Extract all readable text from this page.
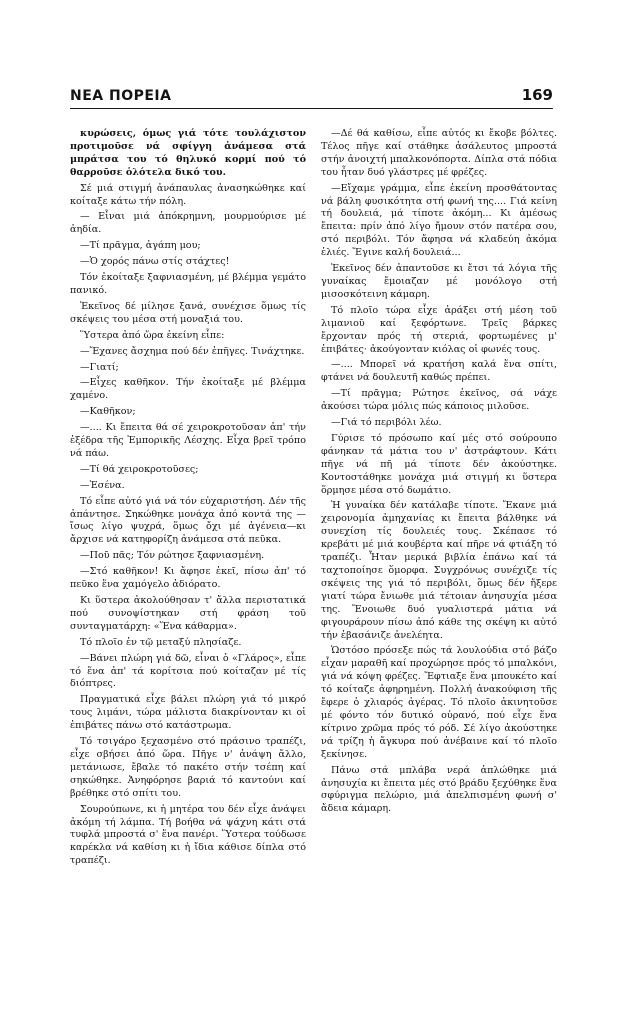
ΝΕΑ ΠΟΡΕΙΑ	169

κυρώσεις, όμως γιά τότε τουλάχιστον προτιμοῦσε νά σφίγγη ἀνάμεσα στά μπράτσα του τό θηλυκό κορμί πού τό θαρροῦσε ὁλότελα δικό του.

Σέ μιά στιγμή ἀνάπαυλας ἀνασηκώθηκε καί κοίταξε κάτω τήν πόλη.

— Εἶναι μιά ἀπόκρημνη, μουρμούρισε μέ ἀηδία.

—Τί πρᾶγμα, ἀγάπη μου;

—Ὁ χορός πάνω στίς στάχτες!

Τόν ἐκοίταξε ξαφνιασμένη, μέ βλέμμα γεμάτο πανικό.

Ἐκεῖνος δέ μίλησε ξανά, συνέχισε ὅμως τίς σκέψεις του μέσα στή μοναξιά του.

Ὕστερα ἀπό ὥρα ἐκείνη εἶπε:

—Ἔχανες ἄσχημα πού δέν ἐπῆγες. Τινάχτηκε.

—Γιατί;

—Εἶχες καθῆκον. Τήν ἐκοίταξε μέ βλέμμα χαμένο.

—Καθῆκον;

—.... Κι ἔπειτα θά σέ χειροκροτοῦσαν ἀπ' τήν ἐξέδρα τῆς Ἐμπορικῆς Λέσχης. Εἶχα βρεῖ τρόπο νά πάω.

—Τί θά χειροκροτοῦσες;

—Ἐσένα.

Τό εἶπε αὐτό γιά νά τόν εὐχαριστήση. Δέν τῆς ἀπάντησε. Σηκώθηκε μονάχα ἀπό κοντά της —ἴσως λίγο ψυχρά, ὅμως ὄχι μέ ἀγένεια—κι ἄρχισε νά κατηφορίζη ἀνάμεσα στά πεῦκα.

—Ποῦ πᾶς; Τόν ρώτησε ξαφνιασμένη.

—Στό καθῆκον! Κι ἄφησε ἐκεῖ, πίσω ἀπ' τό πεῦκο ἕνα χαμόγελο ἀδιόρατο.

Κι ὕστερα ἀκολούθησαν τ' ἄλλα περιστατικά πού συνοψίστηκαν στή φράση τοῦ συνταγματάρχη: «Ἕνα κάθαρμα».

Τό πλοῖο ἐν τῷ μεταξύ πλησίαζε.

—Βάνει πλώρη γιά δῶ, εἶναι ὁ «Γλάρος», εἶπε τό ἕνα ἀπ' τά κορίτσια πού κοίταζαν μέ τίς διόπτρες.

Πραγματικά εἶχε βάλει πλώρη γιά τό μικρό τους λιμάνι, τώρα μάλιστα διακρίνονταν κι οἱ ἐπιβάτες πάνω στό κατάστρωμα.

Τό τσιγάρο ξεχασμένο στό πράσινο τραπέζι, εἶχε σβήσει ἀπό ὥρα. Πῆγε ν' ἀνάψη ἄλλο, μετάνιωσε, ἔβαλε τό πακέτο στήν τσέπη καί σηκώθηκε. Ἀνηφόρησε βαριά τό καντούνι καί βρέθηκε στό σπίτι του.

Σουρούπωνε, κι ἡ μητέρα του δέν εἶχε ἀνάψει ἀκόμη τή λάμπα. Τή βοήθα νά ψάχνη κάτι στά τυφλά μπροστά σ' ἕνα πανέρι. Ὕστερα τούδωσε καρέκλα νά καθίση κι ἡ ἴδια κάθισε δίπλα στό τραπέζι.

—Δέ θά καθίσω, εἶπε αὐτός κι ἔκοβε βόλτες. Τέλος πῆγε καί στάθηκε ἀσάλευτος μπροστά στήν ἀνοιχτή μπαλκονόπορτα. Δίπλα στά πόδια του ἦταν δυό γλάστρες μέ φρέζες.

—Εἴχαμε γράμμα, εἶπε ἐκείνη προσθάτοντας νά βάλη φυσικότητα στή φωνή της.... Γιά κείνη τή δουλειά, μά τίποτε ἀκόμη... Κι ἀμέσως ἔπειτα: πρίν ἀπό λίγο ἤμουν στόν πατέρα σου, στό περιβόλι. Τόν ἄφησα νά κλαδεύη ἀκόμα ἐλιές. Ἔγινε καλή δουλειά...

Ἐκεῖνος δέν ἀπαντοῦσε κι ἔτσι τά λόγια τῆς γυναίκας ἔμοιαζαν μέ μονόλογο στή μισοσκότεινη κάμαρη.

Τό πλοῖο τώρα εἶχε ἀράξει στή μέση τοῦ λιμανιοῦ καί ξεφόρτωνε. Τρεῖς βάρκες ἔρχονταν πρός τή στεριά, φορτωμένες μ' ἐπιβάτες· ἀκούγονταν κιόλας οἱ φωνές τους.

—.... Μπορεῖ νά κρατήση καλά ἕνα σπίτι, φτάνει νά δουλευτῆ καθώς πρέπει.

—Τί πρᾶγμα; Ρώτησε ἐκεῖνος, σά νάχε ἀκούσει τώρα μόλις πώς κάποιος μιλοῦσε.

—Γιά τό περιβόλι λέω.

Γύρισε τό πρόσωπο καί μές στό σούρουπο φάνηκαν τά μάτια του ν' ἀστράφτουν. Κάτι πῆγε νά πῆ μά τίποτε δέν ἀκούστηκε. Κοντοστάθηκε μονάχα μιά στιγμή κι ὕστερα ὅρμησε μέσα στό δωμάτιο.

Ἡ γυναίκα δέν κατάλαβε τίποτε. Ἔκανε μιά χειρονομία ἀμηχανίας κι ἔπειτα βάλθηκε νά συνεχίση τίς δουλειές τους. Σκέπασε τό κρεβάτι μέ μιά κουβέρτα καί πῆρε νά φτιάξη τό τραπέζι. Ἦταν μερικά βιβλία ἐπάνω καί τά ταχτοποίησε ὅμορφα. Συγχρόνως συνέχιζε τίς σκέψεις της γιά τό περιβόλι, ὅμως δέν ἤξερε γιατί τώρα ἔνιωθε μιά τέτοιαν ἀνησυχία μέσα της. Ἔνοιωθε δυό γυαλιστερά μάτια νά φιγουράρουν πίσω ἀπό κάθε της σκέψη κι αὐτό τήν ἐβασάνιζε ἀνελέητα.

Ὡστόσο πρόσεξε πώς τά λουλούδια στό βάζο εἶχαν μαραθῆ καί προχώρησε πρός τό μπαλκόνι, γιά νά κόψη φρέζες. Ἔφτιαξε ἕνα μπουκέτο καί τό κοίταζε ἀφηρημένη. Πολλή ἀνακούφιση τῆς ἔφερε ὁ χλιαρός ἀγέρας. Τό πλοῖο ἀκινητοῦσε μέ φόντο τόν δυτικό οὐρανό, πού εἶχε ἕνα κίτρινο χρῶμα πρός τό ρόδ. Σέ λίγο ἀκούστηκε νά τρίζη ἡ ἄγκυρα πού ἀνέβαινε καί τό πλοῖο ξεκίνησε.

Πάνω στά μπλάβα νερά ἁπλώθηκε μιά ἀνησυχία κι ἔπειτα μές στό βράδυ ξεχύθηκε ἕνα σφύριγμα πελώριο, μιά ἀπελπισμένη φωνή σ' ἄδεια κάμαρη.
